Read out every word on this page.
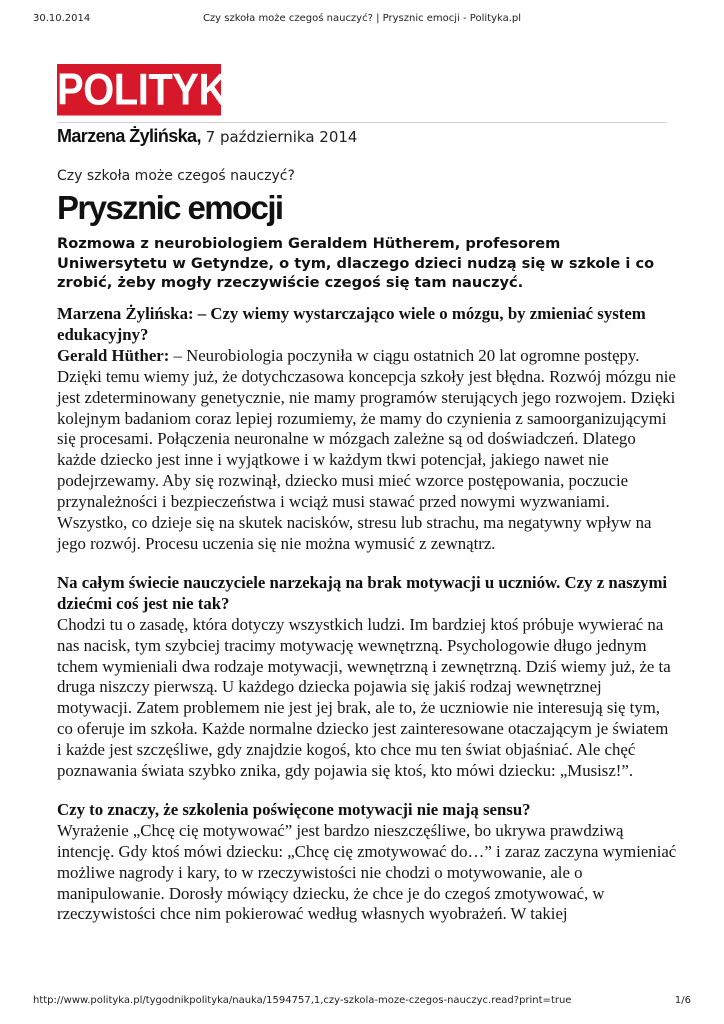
30.10.2014	Czy szkoła może czegoś nauczyć? | Prysznic emocji - Polityka.pl
POLITYKA
Marzena Żylińska, 7 października 2014
Czy szkoła może czegoś nauczyć?
Prysznic emocji
Rozmowa z neurobiologiem Geraldem Hütherem, profesorem Uniwersytetu w Getyndze, o tym, dlaczego dzieci nudzą się w szkole i co zrobić, żeby mogły rzeczywiście czegoś się tam nauczyć.

Marzena Żylińska: – Czy wiemy wystarczająco wiele o mózgu, by zmieniać system edukacyjny?

Gerald Hüther: – Neurobiologia poczyniła w ciągu ostatnich 20 lat ogromne postępy. Dzięki temu wiemy już, że dotychczasowa koncepcja szkoły jest błędna. Rozwój mózgu nie jest zdeterminowany genetycznie, nie mamy programów sterujących jego rozwojem. Dzięki kolejnym badaniom coraz lepiej rozumiemy, że mamy do czynienia z samoorganizującymi się procesami. Połączenia neuronalne w mózgach zależne są od doświadczeń. Dlatego każde dziecko jest inne i wyjątkowe i w każdym tkwi potencjał, jakiego nawet nie podejrzewamy. Aby się rozwinął, dziecko musi mieć wzorce postępowania, poczucie przynależności i bezpieczeństwa i wciąż musi stawać przed nowymi wyzwaniami. Wszystko, co dzieje się na skutek nacisków, stresu lub strachu, ma negatywny wpływ na jego rozwój. Procesu uczenia się nie można wymusić z zewnątrz.

Na całym świecie nauczyciele narzekają na brak motywacji u uczniów. Czy z naszymi dziećmi coś jest nie tak?

Chodzi tu o zasadę, która dotyczy wszystkich ludzi. Im bardziej ktoś próbuje wywierać na nas nacisk, tym szybciej tracimy motywację wewnętrzną. Psychologowie długo jednym tchem wymieniali dwa rodzaje motywacji, wewnętrzną i zewnętrzną. Dziś wiemy już, że ta druga niszczy pierwszą. U każdego dziecka pojawia się jakiś rodzaj wewnętrznej motywacji. Zatem problemem nie jest jej brak, ale to, że uczniowie nie interesują się tym, co oferuje im szkoła. Każde normalne dziecko jest zainteresowane otaczającym je światem i każde jest szczęśliwe, gdy znajdzie kogoś, kto chce mu ten świat objaśniać. Ale chęć poznawania świata szybko znika, gdy pojawia się ktoś, kto mówi dziecku: „Musisz!”.

Czy to znaczy, że szkolenia poświęcone motywacji nie mają sensu?

Wyrażenie „Chcę cię motywować” jest bardzo nieszczęśliwe, bo ukrywa prawdziwą intencję. Gdy ktoś mówi dziecku: „Chcę cię zmotywować do…” i zaraz zaczyna wymieniać możliwe nagrody i kary, to w rzeczywistości nie chodzi o motywowanie, ale o manipulowanie. Dorosły mówiący dziecku, że chce je do czegoś zmotywować, w rzeczywistości chce nim pokierować według własnych wyobrażeń. W takiej

http://www.polityka.pl/tygodnikpolityka/nauka/1594757,1,czy-szkola-moze-czegos-nauczyc.read?print=true	1/6
